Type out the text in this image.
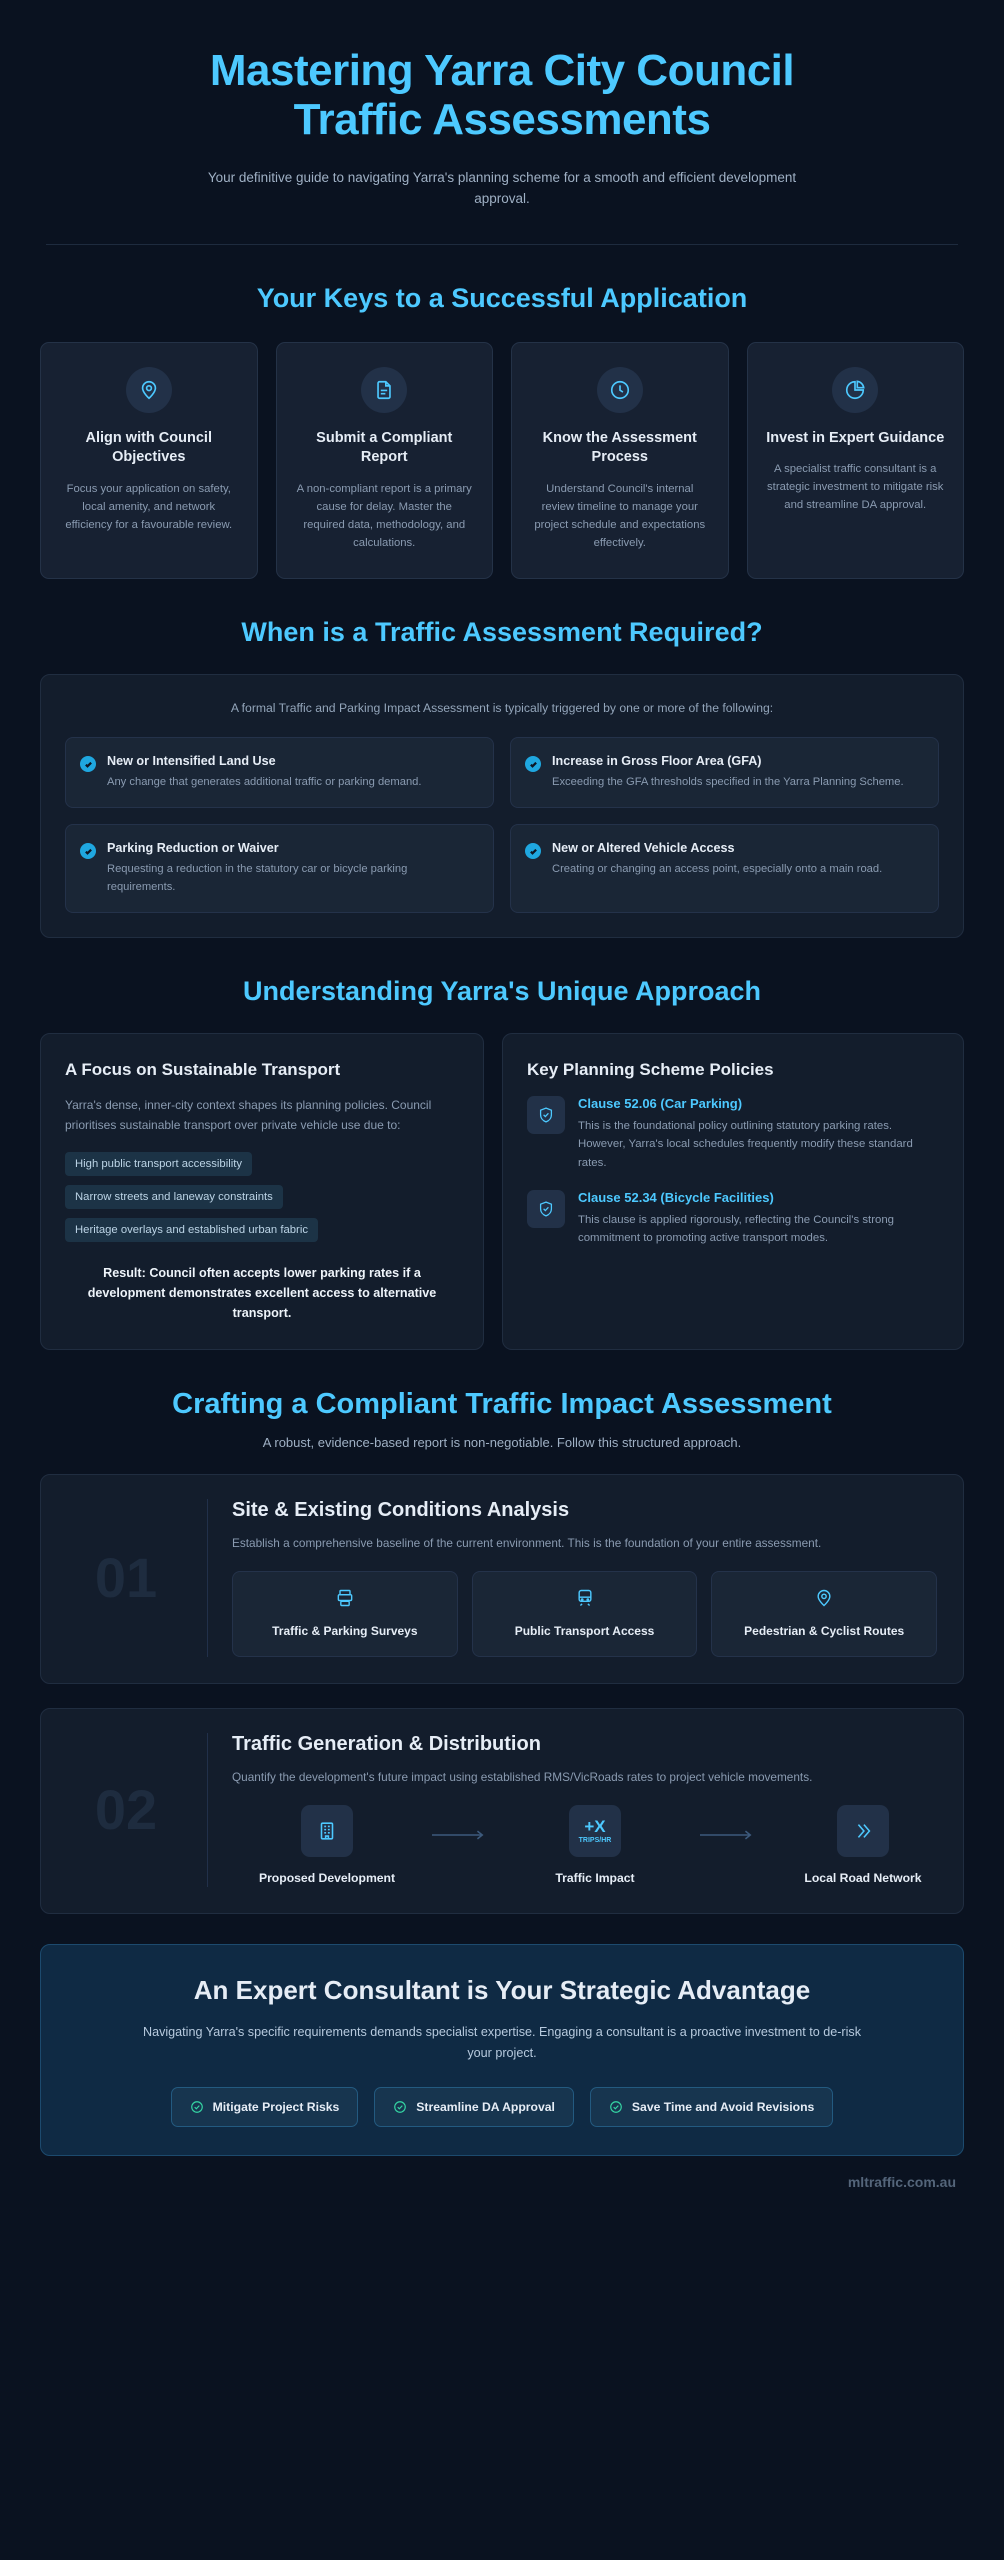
Mastering Yarra City Council
Traffic Assessments

Your definitive guide to navigating Yarra's planning scheme for a smooth and efficient development approval.

Your Keys to a Successful Application
Align with Council Objectives

Focus your application on safety, local amenity, and network efficiency for a favourable review.

Submit a Compliant Report

A non-compliant report is a primary cause for delay. Master the required data, methodology, and calculations.

Know the Assessment Process

Understand Council's internal review timeline to manage your project schedule and expectations effectively.

Invest in Expert Guidance

A specialist traffic consultant is a strategic investment to mitigate risk and streamline DA approval.

When is a Traffic Assessment Required?

A formal Traffic and Parking Impact Assessment is typically triggered by one or more of the following:

New or Intensified Land Use

Any change that generates additional traffic or parking demand.

Increase in Gross Floor Area (GFA)

Exceeding the GFA thresholds specified in the Yarra Planning Scheme.

Parking Reduction or Waiver

Requesting a reduction in the statutory car or bicycle parking requirements.

New or Altered Vehicle Access

Creating or changing an access point, especially onto a main road.

Understanding Yarra's Unique Approach
A Focus on Sustainable Transport

Yarra's dense, inner-city context shapes its planning policies. Council prioritises sustainable transport over private vehicle use due to:

High public transport accessibility
Narrow streets and laneway constraints
Heritage overlays and established urban fabric

Result: Council often accepts lower parking rates if a development demonstrates excellent access to alternative transport.

Key Planning Scheme Policies
Clause 52.06 (Car Parking)

This is the foundational policy outlining statutory parking rates. However, Yarra's local schedules frequently modify these standard rates.

Clause 52.34 (Bicycle Facilities)

This clause is applied rigorously, reflecting the Council's strong commitment to promoting active transport modes.

Crafting a Compliant Traffic Impact Assessment

A robust, evidence-based report is non-negotiable. Follow this structured approach.

01
Site & Existing Conditions Analysis

Establish a comprehensive baseline of the current environment. This is the foundation of your entire assessment.

Traffic & Parking Surveys	Public Transport Access	Pedestrian & Cyclist Routes
02
Traffic Generation & Distribution

Quantify the development's future impact using established RMS/VicRoads rates to project vehicle movements.

Proposed Development
+X
TRIPS/HR
Traffic Impact	Local Road Network
An Expert Consultant is Your Strategic Advantage

Navigating Yarra's specific requirements demands specialist expertise. Engaging a consultant is a proactive investment to de-risk your project.

Mitigate Project Risks	Streamline DA Approval	Save Time and Avoid Revisions
mltraffic.com.au
